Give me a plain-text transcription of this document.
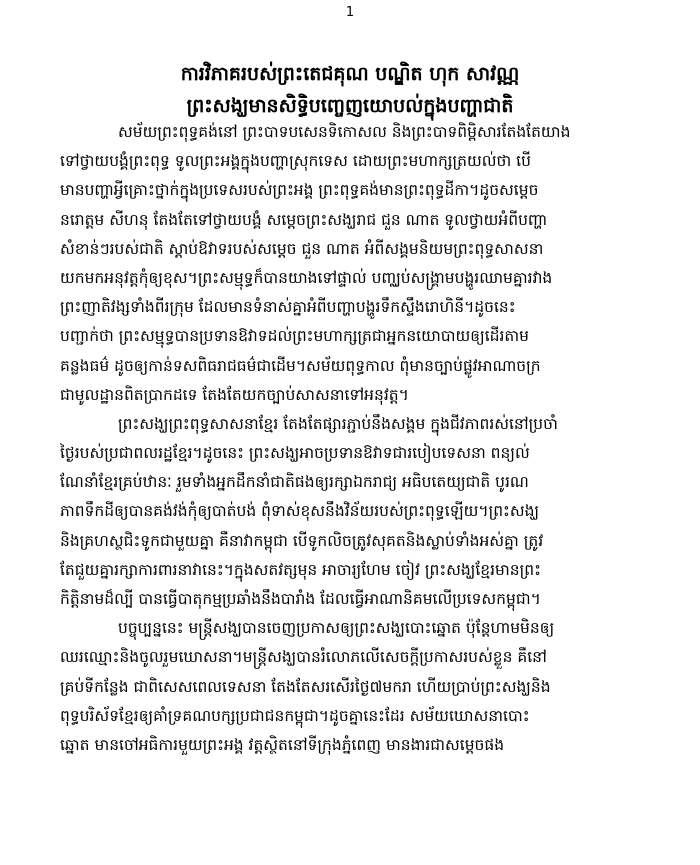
1
ការវិភាគរបស់ព្រះតេជគុណ បណ្ឌិត ហុក សាវណ្ណ
ព្រះសង្ឃមានសិទ្ធិបញ្ចេញយោបល់ក្នុងបញ្ហាជាតិ
សម័យព្រះពុទ្ធគង់នៅ ព្រះបាទបសេនទិកោសល និងព្រះបាទពិម្ពិសារតែងតែយាង
ទៅថ្វាយបង្គំព្រះពុទ្ធ ទូលព្រះអង្គក្នុងបញ្ហាស្រុកទេស ដោយព្រះមហាក្សត្រយល់ថា បើ
មានបញ្ហាអ្វីគ្រោះថ្នាក់ក្នុងប្រទេសរបស់ព្រះអង្គ ព្រះពុទ្ធគង់មានព្រះពុទ្ធដីកា។ដូចសម្តេច
នរោត្តម សីហនុ តែងតែទៅថ្វាយបង្គំ សម្តេចព្រះសង្ឃរាជ ជួន ណាត ទូលថ្វាយអំពីបញ្ហា
សំខាន់ៗរបស់ជាតិ ស្តាប់ឱវាទរបស់សម្តេច ជួន ណាត អំពីសង្គមនិយមព្រះពុទ្ធសាសនា
យកមកអនុវត្តកុំឲ្យខុស។ព្រះសម្មុទ្ធក៏បានយាងទៅផ្ទាល់ បញ្ឈប់សង្គ្រាមបង្ហូរឈាមគ្នារវាង
ព្រះញាតិវង្សទាំងពីរក្រុម ដែលមានទំនាស់គ្នាអំពីបញ្ហាបង្ហូរទឹកស្ទឹងរោហិនី។ដូចនេះ
បញ្ជាក់ថា ព្រះសម្មុទ្ធបានប្រទានឱវាទដល់ព្រះមហាក្សត្រជាអ្នកនយោបាយឲ្យដើរតាម
គន្លងធម៌ ដូចឲ្យកាន់ទសពិធរាជធម៌ជាដើម។សម័យពុទ្ធកាល ពុំមានច្បាប់ផ្លូវអាណាចក្រ
ជាមូលដ្ឋានពិតប្រាកដទេ តែងតែយកច្បាប់សាសនាទៅអនុវត្ត។
ព្រះសង្ឃព្រះពុទ្ធសាសនាខ្មែរ តែងតែផ្សារភ្ជាប់នឹងសង្គម ក្នុងជីវភាពរស់នៅប្រចាំ
ថ្ងៃរបស់ប្រជាពលរដ្ឋខ្មែរ។ដូចនេះ ព្រះសង្ឃអាចប្រទានឱវាទជារបៀបទេសនា ពន្យល់
ណែនាំខ្មែរគ្រប់ឋានៈ រួមទាំងអ្នកដឹកនាំជាតិផងឲ្យរក្សាឯករាជ្យ អធិបតេយ្យជាតិ បូរណ
ភាពទឹកដីឲ្យបានគង់វង់កុំឲ្យបាត់បង់ ពុំទាស់ខុសនឹងវិន័យរបស់ព្រះពុទ្ធឡើយ។ព្រះសង្ឃ
និងគ្រហស្ថជិះទូកជាមួយគ្នា គឺនាវាកម្ពុជា បើទូកលិចត្រូវសុគតនិងស្លាប់ទាំងអស់គ្នា ត្រូវ
តែជួយគ្នារក្សាការពារនាវានេះ។ក្នុងសតវត្សមុន អាចារ្យហែម ចៀវ ព្រះសង្ឃខ្មែរមានព្រះ
កិត្តិនាមដ៏ល្បី បានធ្វើបាតុកម្មប្រឆាំងនឹងបារាំង ដែលធ្វើអាណានិគមលើប្រទេសកម្ពុជា។
បច្ចុប្បន្ននេះ មន្ត្រីសង្ឃបានចេញប្រកាសឲ្យព្រះសង្ឃបោះឆ្នោត ប៉ុន្តែហាមមិនឲ្យ
ឈរឈ្មោះនិងចូលរួមឃោសនា។មន្ត្រីសង្ឃបានរំលោភលើសេចក្តីប្រកាសរបស់ខ្លួន គឺនៅ
គ្រប់ទីកន្លែង ជាពិសេសពេលទេសនា តែងតែសរសើរថ្ងៃ៧មករា ហើយប្រាប់ព្រះសង្ឃនិង
ពុទ្ធបរិស័ទខ្មែរឲ្យគាំទ្រគណបក្សប្រជាជនកម្ពុជា។ដូចគ្នានេះដែរ សម័យឃោសនាបោះ
ឆ្នោត មានចៅអធិការមួយព្រះអង្គ វត្តស្ថិតនៅទីក្រុងភ្នំពេញ មានងារជាសម្តេចផង
